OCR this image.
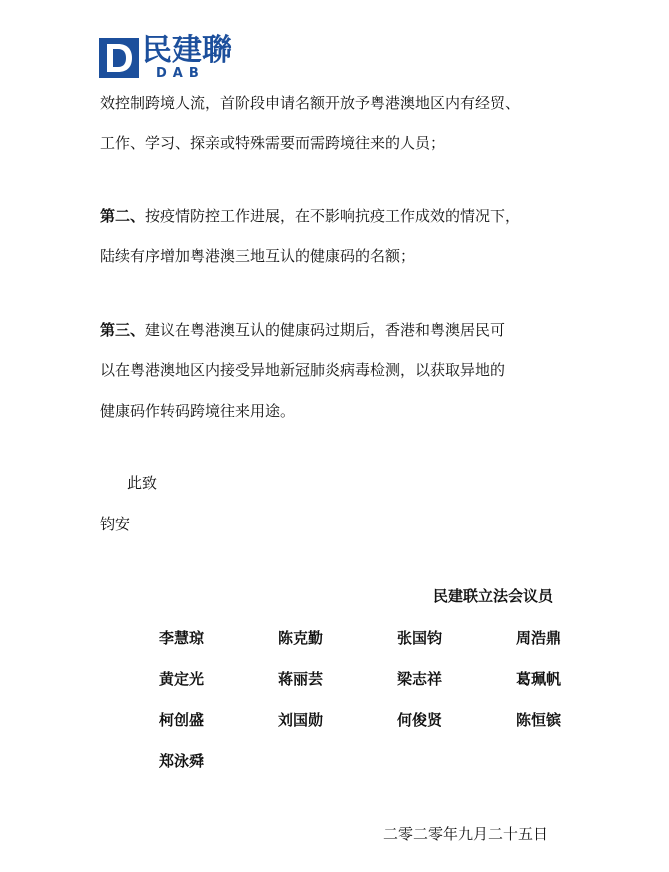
民建聯
DAB
效控制跨境人流，首阶段申请名额开放予粤港澳地区内有经贸、
工作、学习、探亲或特殊需要而需跨境往来的人员；
第二、按疫情防控工作进展，在不影响抗疫工作成效的情况下，
陆续有序增加粤港澳三地互认的健康码的名额；
第三、建议在粤港澳互认的健康码过期后，香港和粤澳居民可
以在粤港澳地区内接受异地新冠肺炎病毒检测，以获取异地的
健康码作转码跨境往来用途。
此致
钧安
民建联立法会议员
李慧琼	陈克勤	张国钧	周浩鼎
黄定光	蒋丽芸	梁志祥	葛珮帆
柯创盛	刘国勋	何俊贤	陈恒镔
郑泳舜
二零二零年九月二十五日
